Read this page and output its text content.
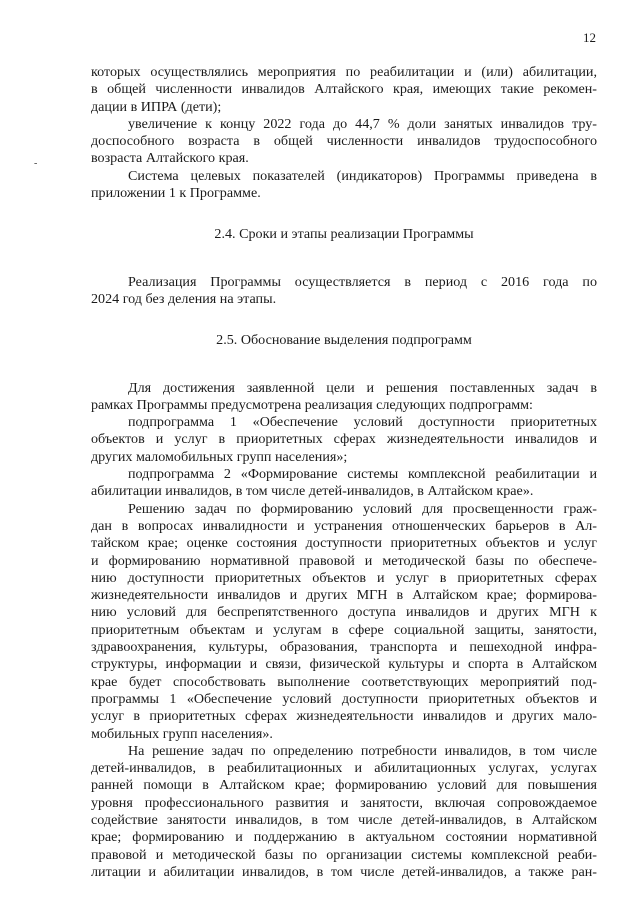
12
-
которых осуществлялись мероприятия по реабилитации и (или) абилитации,
в общей численности инвалидов Алтайского края, имеющих такие рекомен-
дации в ИПРА (дети);
увеличение к концу 2022 года до 44,7 % доли занятых инвалидов тру-
доспособного возраста в общей численности инвалидов трудоспособного
возраста Алтайского края.
Система целевых показателей (индикаторов) Программы приведена в
приложении 1 к Программе.
2.4. Сроки и этапы реализации Программы
Реализация Программы осуществляется в период с 2016 года по
2024 год без деления на этапы.
2.5. Обоснование выделения подпрограмм
Для достижения заявленной цели и решения поставленных задач в
рамках Программы предусмотрена реализация следующих подпрограмм:
подпрограмма 1 «Обеспечение условий доступности приоритетных
объектов и услуг в приоритетных сферах жизнедеятельности инвалидов и
других маломобильных групп населения»;
подпрограмма 2 «Формирование системы комплексной реабилитации и
абилитации инвалидов, в том числе детей-инвалидов, в Алтайском крае».
Решению задач по формированию условий для просвещенности граж-
дан в вопросах инвалидности и устранения отношенческих барьеров в Ал-
тайском крае; оценке состояния доступности приоритетных объектов и услуг
и формированию нормативной правовой и методической базы по обеспече-
нию доступности приоритетных объектов и услуг в приоритетных сферах
жизнедеятельности инвалидов и других МГН в Алтайском крае; формирова-
нию условий для беспрепятственного доступа инвалидов и других МГН к
приоритетным объектам и услугам в сфере социальной защиты, занятости,
здравоохранения, культуры, образования, транспорта и пешеходной инфра-
структуры, информации и связи, физической культуры и спорта в Алтайском
крае будет способствовать выполнение соответствующих мероприятий под-
программы 1 «Обеспечение условий доступности приоритетных объектов и
услуг в приоритетных сферах жизнедеятельности инвалидов и других мало-
мобильных групп населения».
На решение задач по определению потребности инвалидов, в том числе
детей-инвалидов, в реабилитационных и абилитационных услугах, услугах
ранней помощи в Алтайском крае; формированию условий для повышения
уровня профессионального развития и занятости, включая сопровождаемое
содействие занятости инвалидов, в том числе детей-инвалидов, в Алтайском
крае; формированию и поддержанию в актуальном состоянии нормативной
правовой и методической базы по организации системы комплексной реаби-
литации и абилитации инвалидов, в том числе детей-инвалидов, а также ран-
